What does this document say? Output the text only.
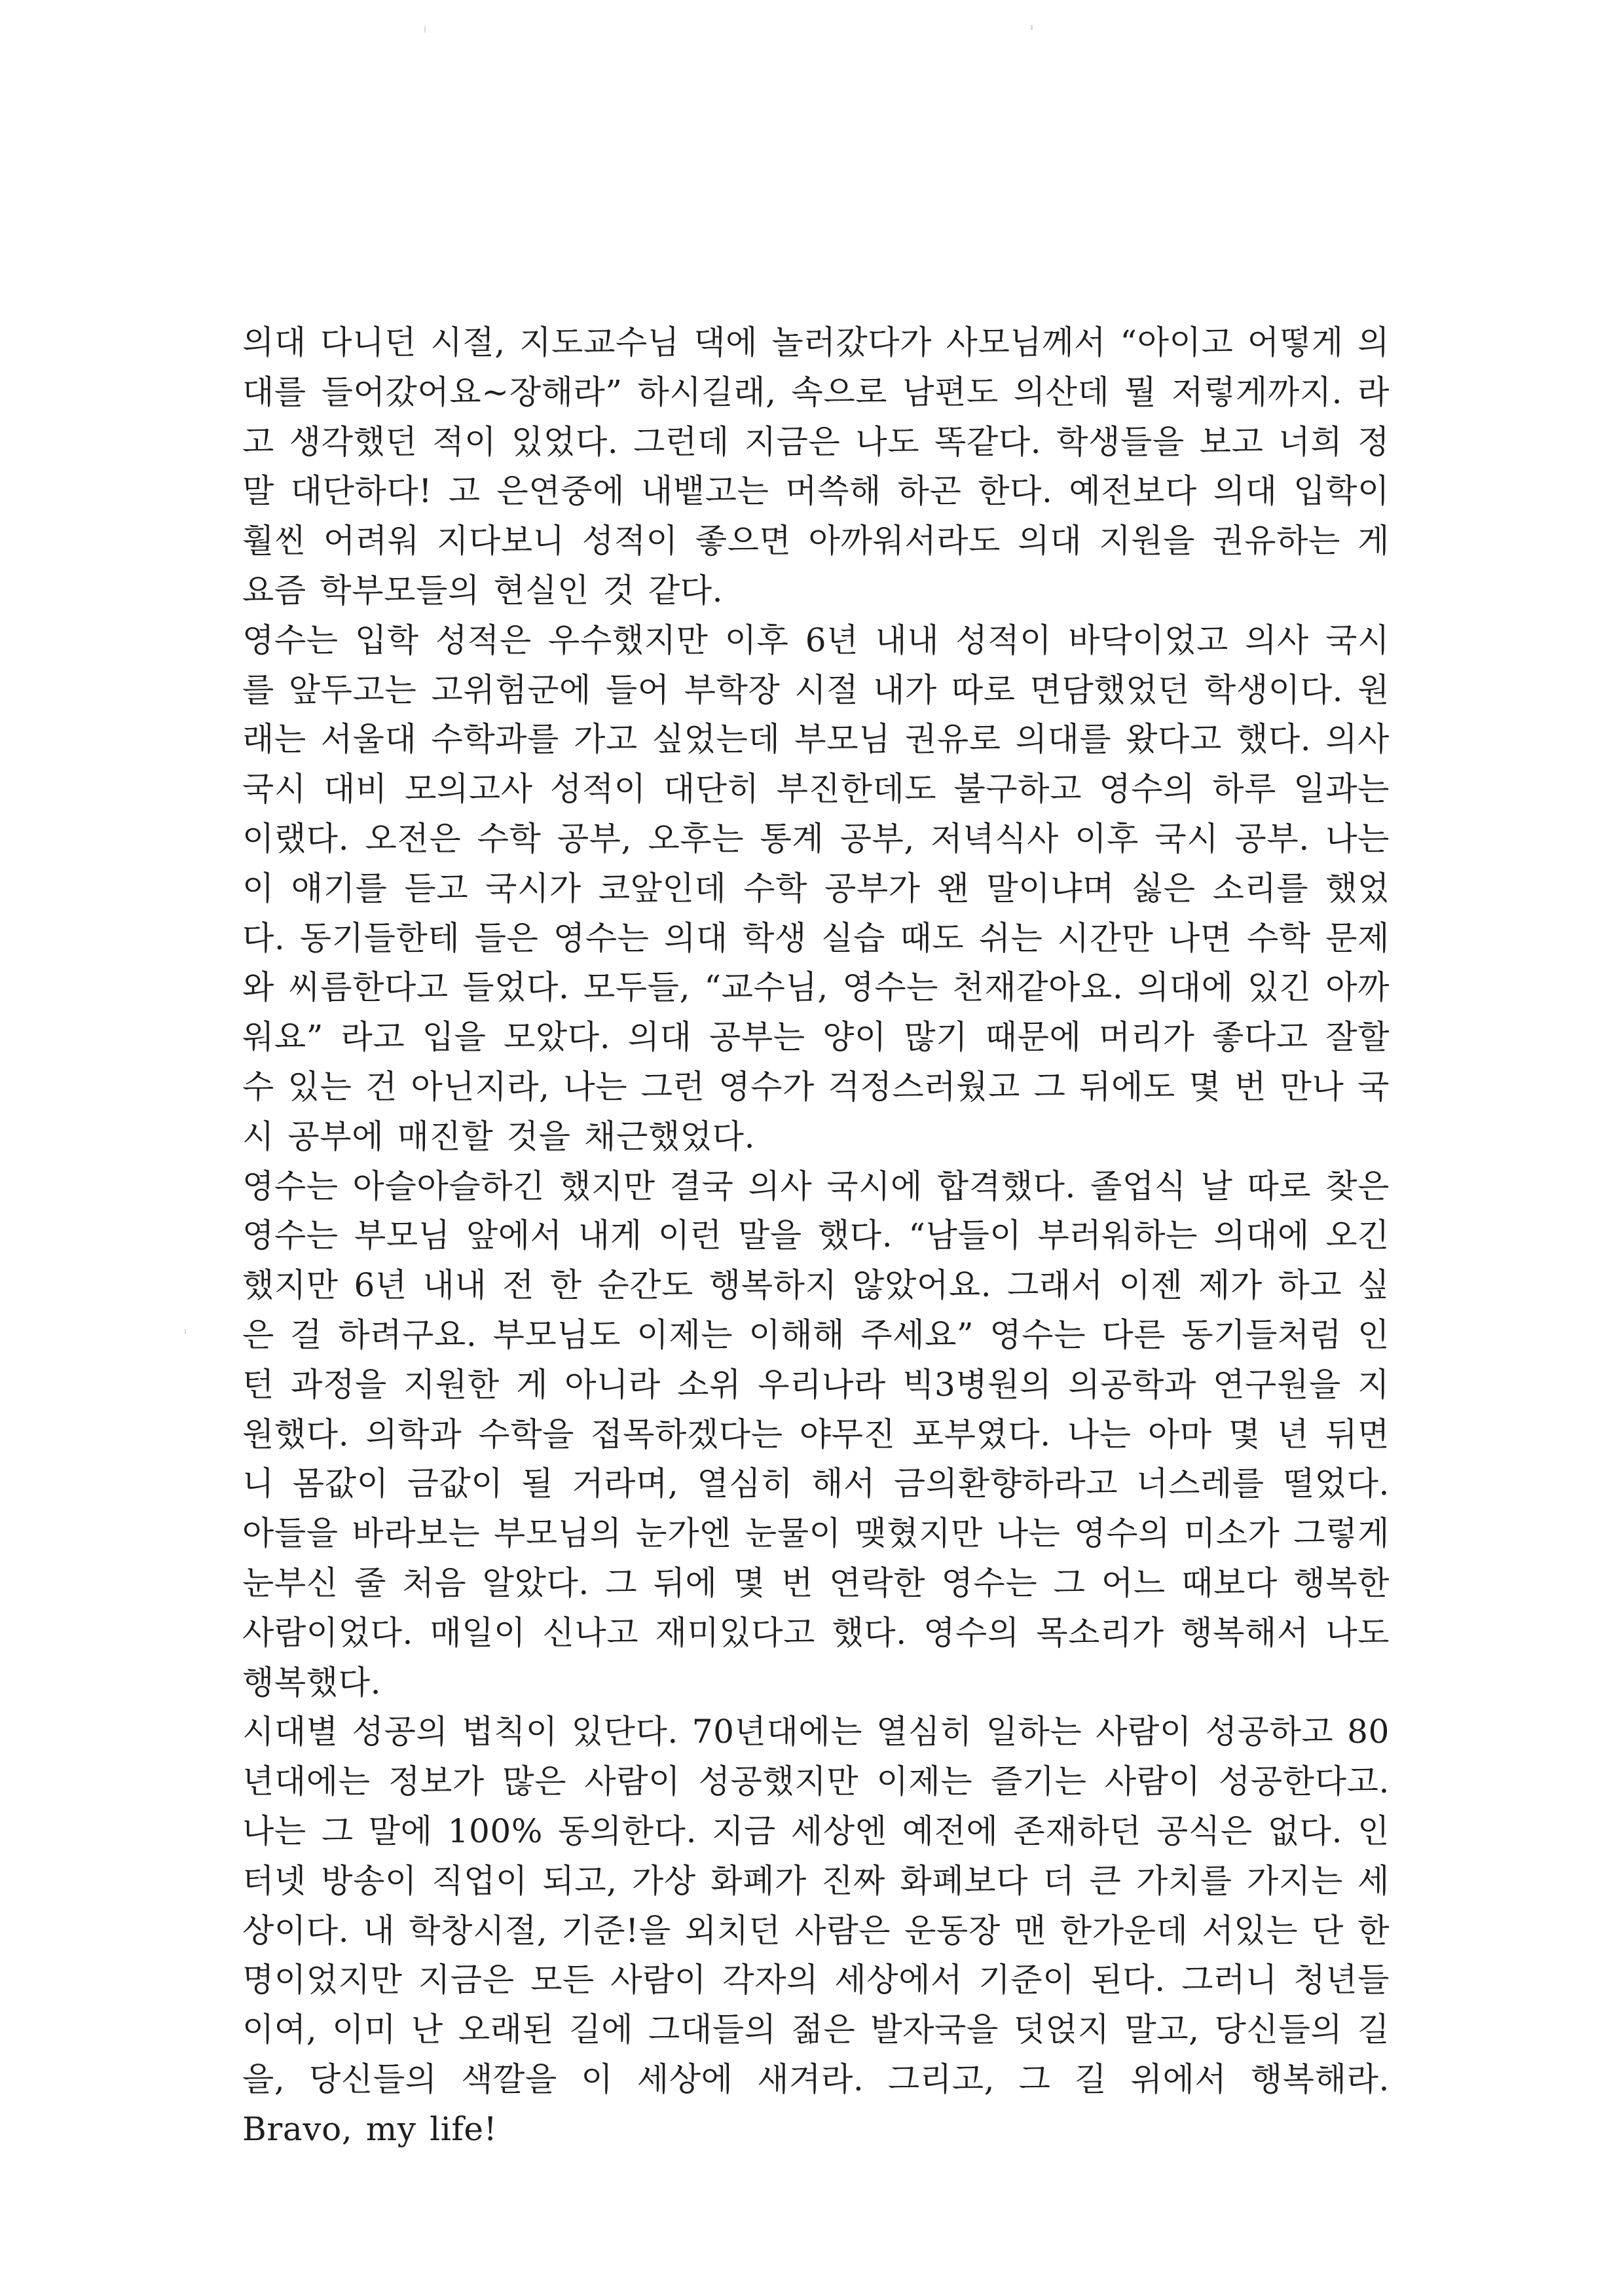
의대 다니던 시절, 지도교수님 댁에 놀러갔다가 사모님께서 “아이고 어떻게 의대를 들어갔어요~장해라” 하시길래, 속으로 남편도 의산데 뭘 저렇게까지. 라고 생각했던 적이 있었다. 그런데 지금은 나도 똑같다. 학생들을 보고 너희 정말 대단하다! 고 은연중에 내뱉고는 머쓱해 하곤 한다. 예전보다 의대 입학이 훨씬 어려워 지다보니 성적이 좋으면 아까워서라도 의대 지원을 권유하는 게 요즘 학부모들의 현실인 것 같다.

영수는 입학 성적은 우수했지만 이후 6년 내내 성적이 바닥이었고 의사 국시를 앞두고는 고위험군에 들어 부학장 시절 내가 따로 면담했었던 학생이다. 원래는 서울대 수학과를 가고 싶었는데 부모님 권유로 의대를 왔다고 했다. 의사국시 대비 모의고사 성적이 대단히 부진한데도 불구하고 영수의 하루 일과는 이랬다. 오전은 수학 공부, 오후는 통계 공부, 저녁식사 이후 국시 공부. 나는 이 얘기를 듣고 국시가 코앞인데 수학 공부가 왠 말이냐며 싫은 소리를 했었다. 동기들한테 들은 영수는 의대 학생 실습 때도 쉬는 시간만 나면 수학 문제와 씨름한다고 들었다. 모두들, “교수님, 영수는 천재같아요. 의대에 있긴 아까워요” 라고 입을 모았다. 의대 공부는 양이 많기 때문에 머리가 좋다고 잘할 수 있는 건 아닌지라, 나는 그런 영수가 걱정스러웠고 그 뒤에도 몇 번 만나 국시 공부에 매진할 것을 채근했었다.

영수는 아슬아슬하긴 했지만 결국 의사 국시에 합격했다. 졸업식 날 따로 찾은 영수는 부모님 앞에서 내게 이런 말을 했다. “남들이 부러워하는 의대에 오긴 했지만 6년 내내 전 한 순간도 행복하지 않았어요. 그래서 이젠 제가 하고 싶은 걸 하려구요. 부모님도 이제는 이해해 주세요” 영수는 다른 동기들처럼 인턴 과정을 지원한 게 아니라 소위 우리나라 빅3병원의 의공학과 연구원을 지원했다. 의학과 수학을 접목하겠다는 야무진 포부였다. 나는 아마 몇 년 뒤면 니 몸값이 금값이 될 거라며, 열심히 해서 금의환향하라고 너스레를 떨었다. 아들을 바라보는 부모님의 눈가엔 눈물이 맺혔지만 나는 영수의 미소가 그렇게 눈부신 줄 처음 알았다. 그 뒤에 몇 번 연락한 영수는 그 어느 때보다 행복한 사람이었다. 매일이 신나고 재미있다고 했다. 영수의 목소리가 행복해서 나도 행복했다.

시대별 성공의 법칙이 있단다. 70년대에는 열심히 일하는 사람이 성공하고 80년대에는 정보가 많은 사람이 성공했지만 이제는 즐기는 사람이 성공한다고. 나는 그 말에 100% 동의한다. 지금 세상엔 예전에 존재하던 공식은 없다. 인터넷 방송이 직업이 되고, 가상 화폐가 진짜 화폐보다 더 큰 가치를 가지는 세상이다. 내 학창시절, 기준!을 외치던 사람은 운동장 맨 한가운데 서있는 단 한명이었지만 지금은 모든 사람이 각자의 세상에서 기준이 된다. 그러니 청년들이여, 이미 난 오래된 길에 그대들의 젊은 발자국을 덧얹지 말고, 당신들의 길을, 당신들의 색깔을 이 세상에 새겨라. 그리고, 그 길 위에서 행복해라. Bravo, my life!
